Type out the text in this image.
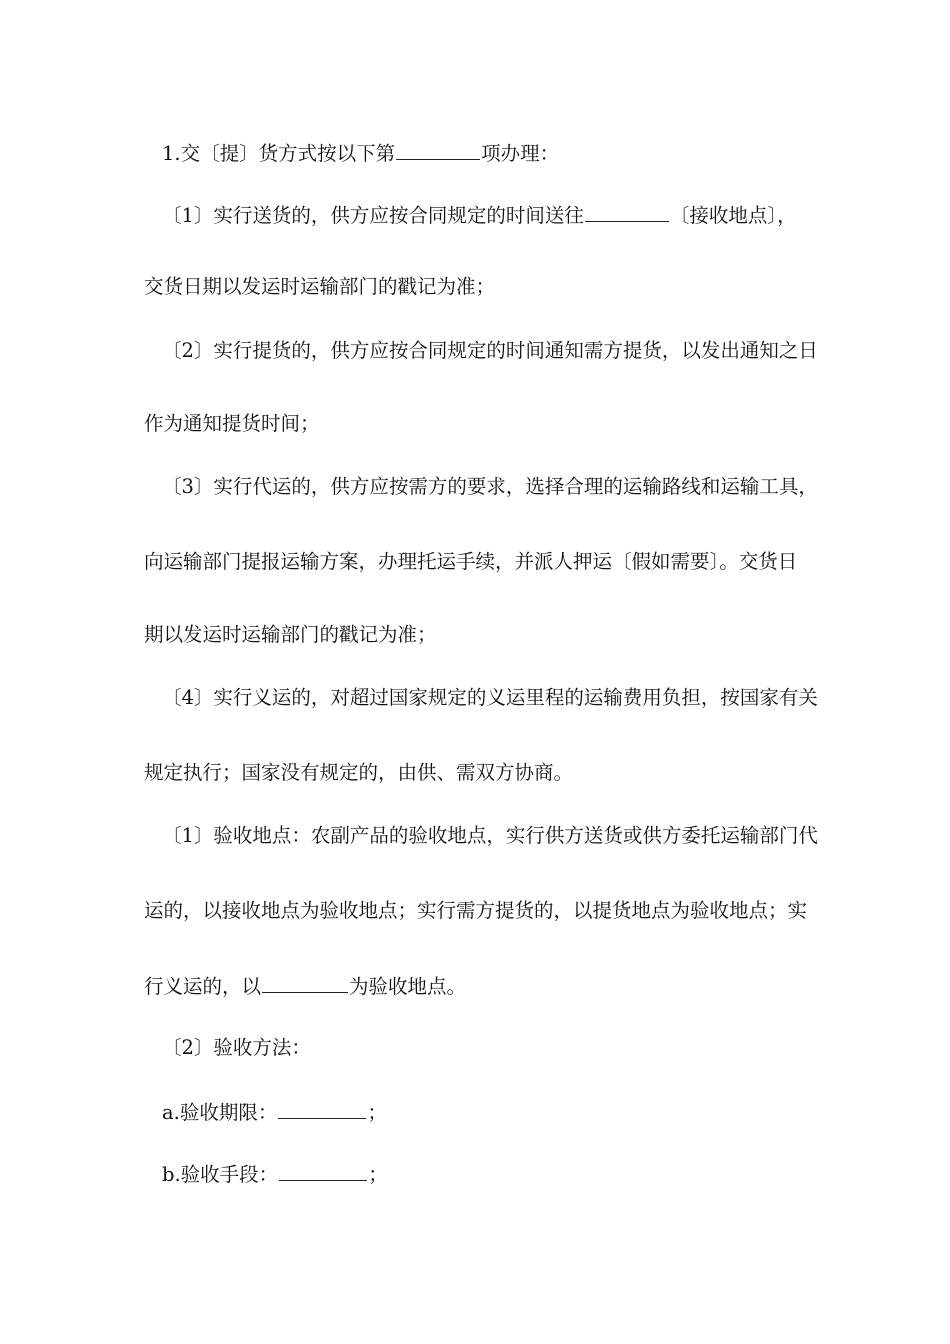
1.交〔提〕货方式按以下第	项办理：
〔1〕实行送货的，供方应按合同规定的时间送往	〔接收地点〕，
交货日期以发运时运输部门的戳记为准；
〔2〕实行提货的，供方应按合同规定的时间通知需方提货，以发出通知之日
作为通知提货时间；
〔3〕实行代运的，供方应按需方的要求，选择合理的运输路线和运输工具，
向运输部门提报运输方案，办理托运手续，并派人押运〔假如需要〕。交货日
期以发运时运输部门的戳记为准；
〔4〕实行义运的，对超过国家规定的义运里程的运输费用负担，按国家有关
规定执行；国家没有规定的，由供、需双方协商。
〔1〕验收地点：农副产品的验收地点，实行供方送货或供方委托运输部门代
运的，以接收地点为验收地点；实行需方提货的，以提货地点为验收地点；实
行义运的，以	为验收地点。
〔2〕验收方法：
a.验收期限：	；
b.验收手段：	；
